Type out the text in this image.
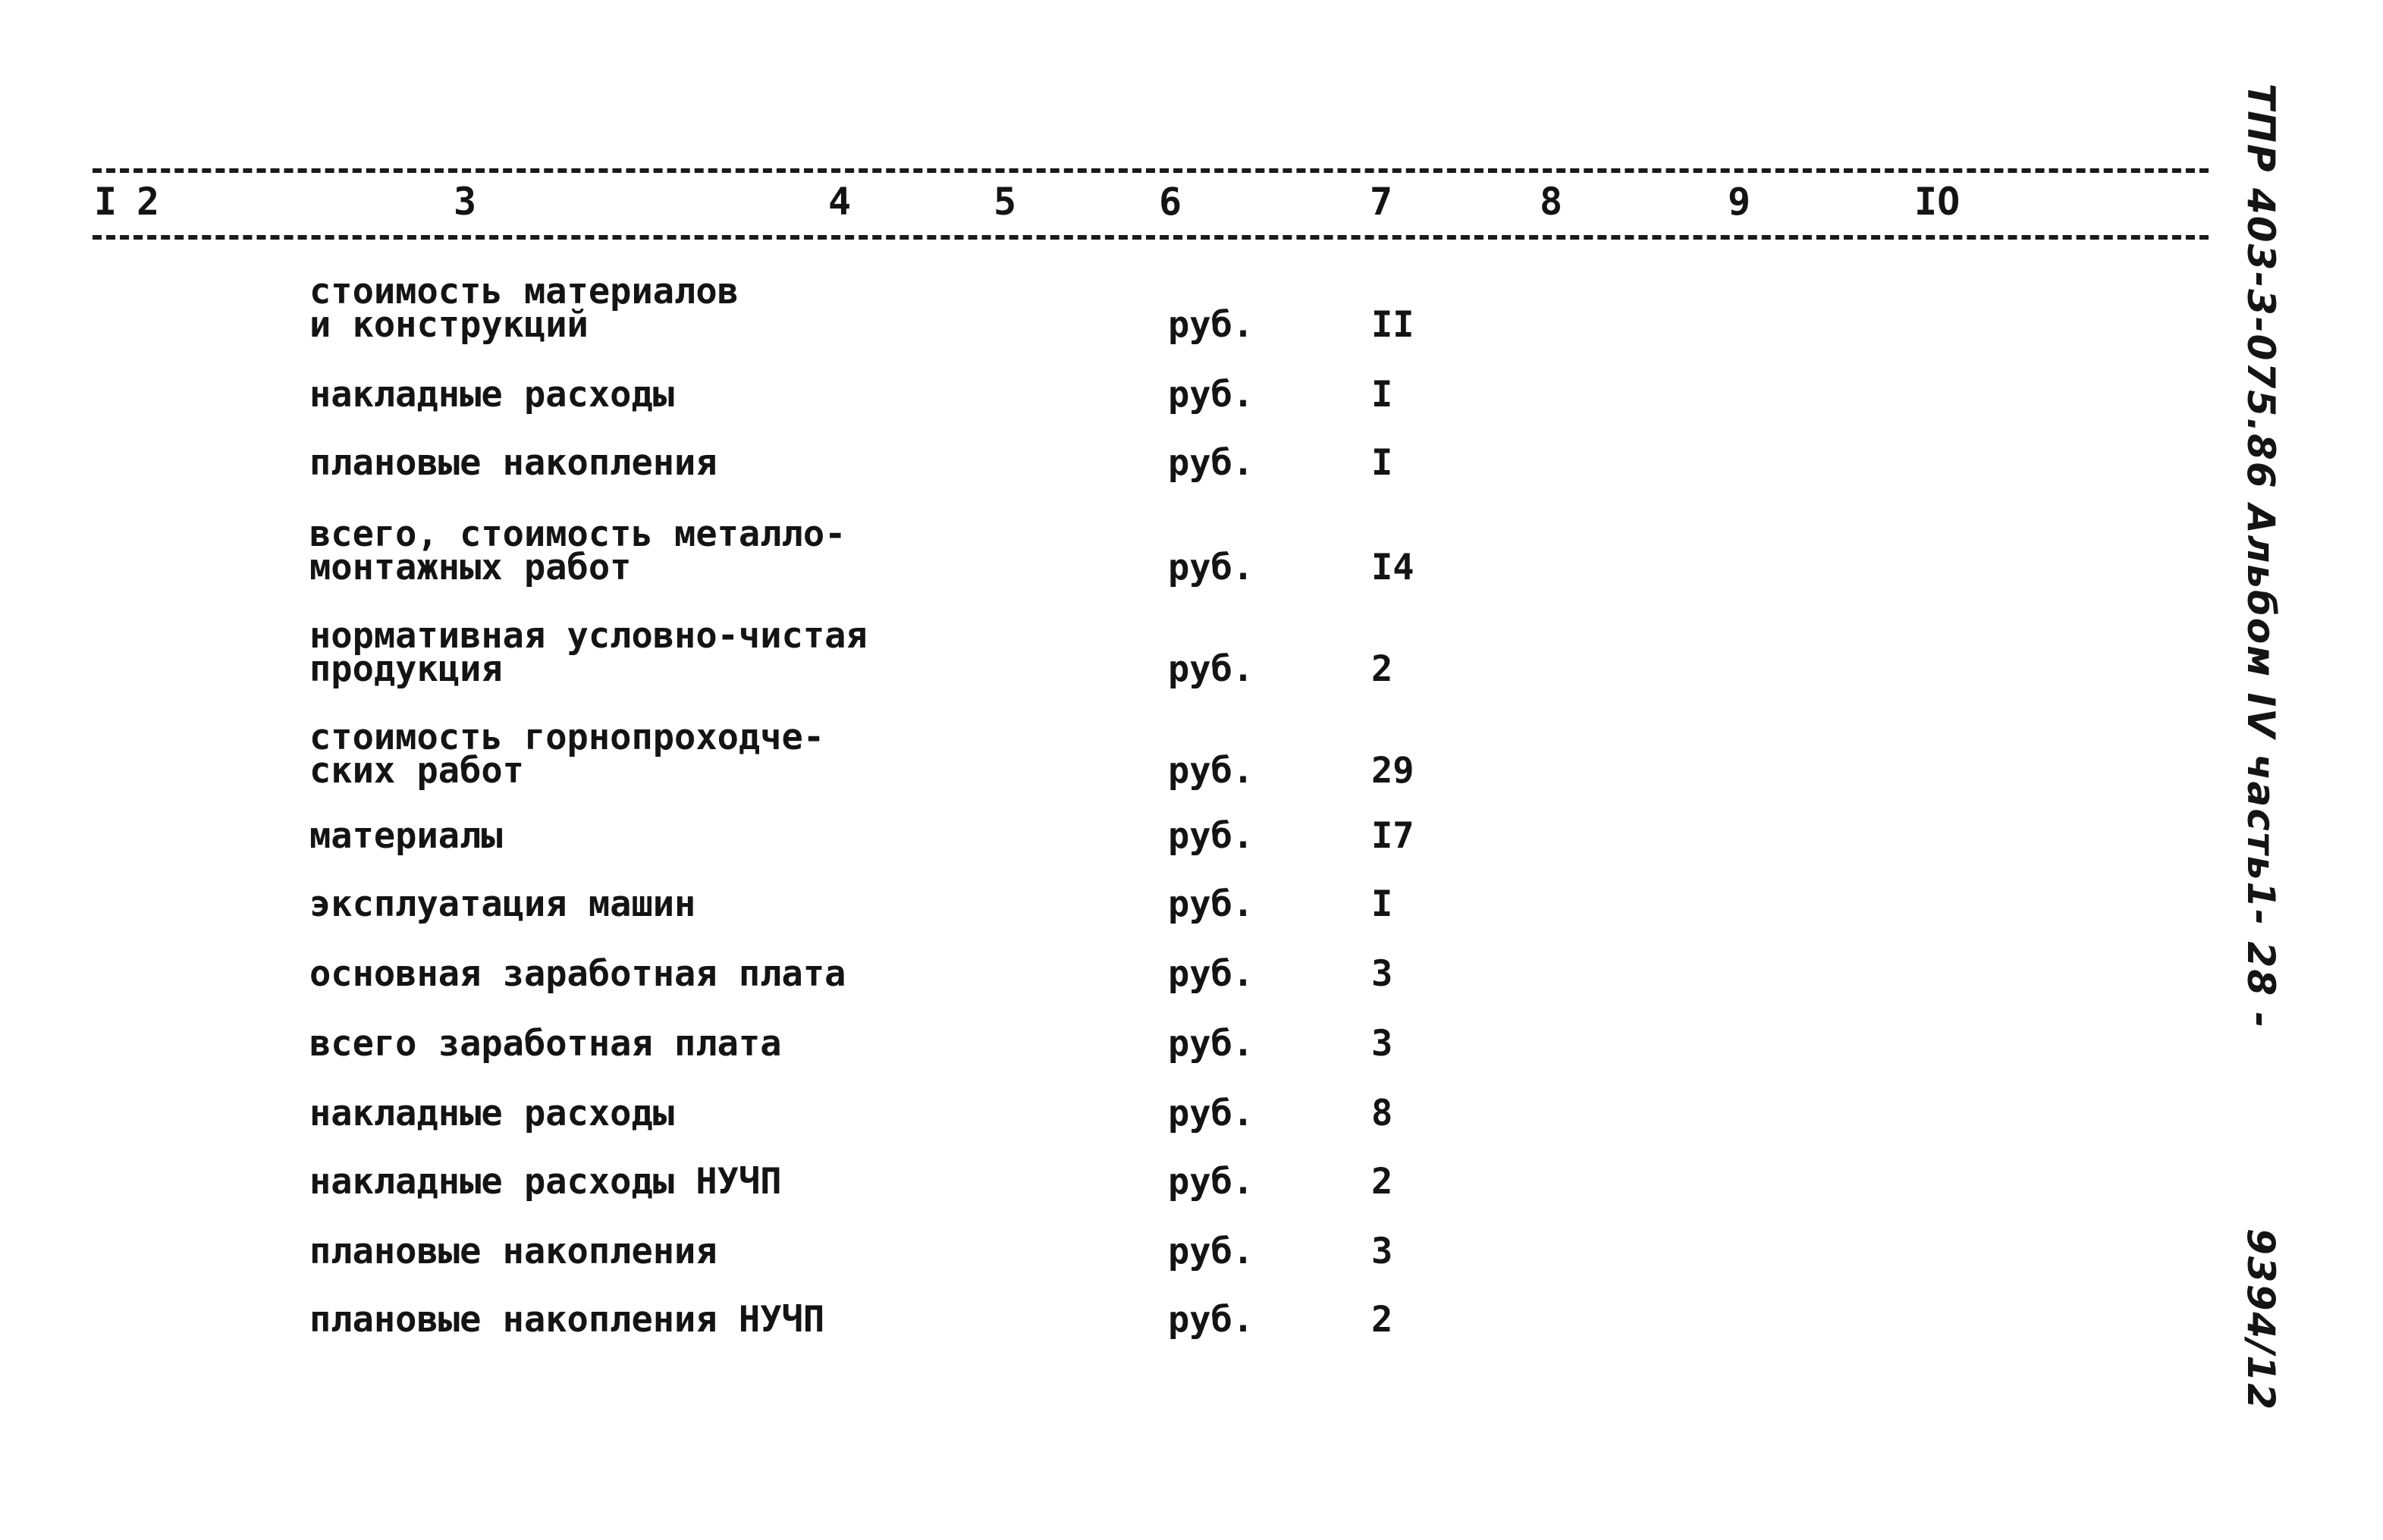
I 2	3	4	5	6	7	8	9	IO
стоимость материалов
и конструкций	руб.	II
накладные расходы	руб.	I
плановые накопления	руб.	I
всего, стоимость металло-
монтажных работ	руб.	I4
нормативная условно-чистая
продукция	руб.	2
стоимость горнопроходче-
ских работ	руб.	29
материалы	руб.	I7
эксплуатация машин	руб.	I
основная заработная плата	руб.	3
всего заработная плата	руб.	3
накладные расходы	руб.	8
накладные расходы НУЧП	руб.	2
плановые накопления	руб.	3
плановые накопления НУЧП	руб.	2
ТПР 403-3-075.86 Альбом IV часть1- 28 -
9394/12
